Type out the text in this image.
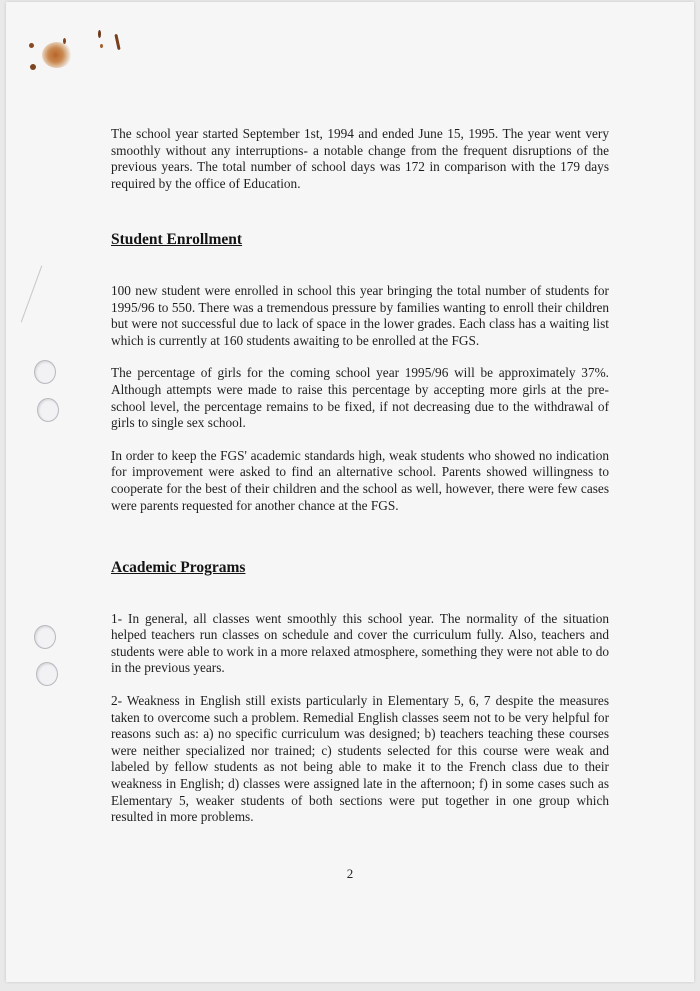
The school year started September 1st, 1994 and ended June 15, 1995. The year went very smoothly without any interruptions- a notable change from the frequent disruptions of the previous years. The total number of school days was 172 in comparison with the 179 days required by the office of Education.

Student Enrollment

100 new student were enrolled in school this year bringing the total number of students for 1995/96 to 550. There was a tremendous pressure by families wanting to enroll their children but were not successful due to lack of space in the lower grades. Each class has a waiting list which is currently at 160 students awaiting to be enrolled at the FGS.

The percentage of girls for the coming school year 1995/96 will be approximately 37%. Although attempts were made to raise this percentage by accepting more girls at the pre-school level, the percentage remains to be fixed, if not decreasing due to the withdrawal of girls to single sex school.

In order to keep the FGS' academic standards high, weak students who showed no indication for improvement were asked to find an alternative school. Parents showed willingness to cooperate for the best of their children and the school as well, however, there were few cases were parents requested for another chance at the FGS.

Academic Programs

1- In general, all classes went smoothly this school year. The normality of the situation helped teachers run classes on schedule and cover the curriculum fully. Also, teachers and students were able to work in a more relaxed atmosphere, something they were not able to do in the previous years.

2- Weakness in English still exists particularly in Elementary 5, 6, 7 despite the measures taken to overcome such a problem. Remedial English classes seem not to be very helpful for reasons such as: a) no specific curriculum was designed; b) teachers teaching these courses were neither specialized nor trained; c) students selected for this course were weak and labeled by fellow students as not being able to make it to the French class due to their weakness in English; d) classes were assigned late in the afternoon; f) in some cases such as Elementary 5, weaker students of both sections were put together in one group which resulted in more problems.

2
